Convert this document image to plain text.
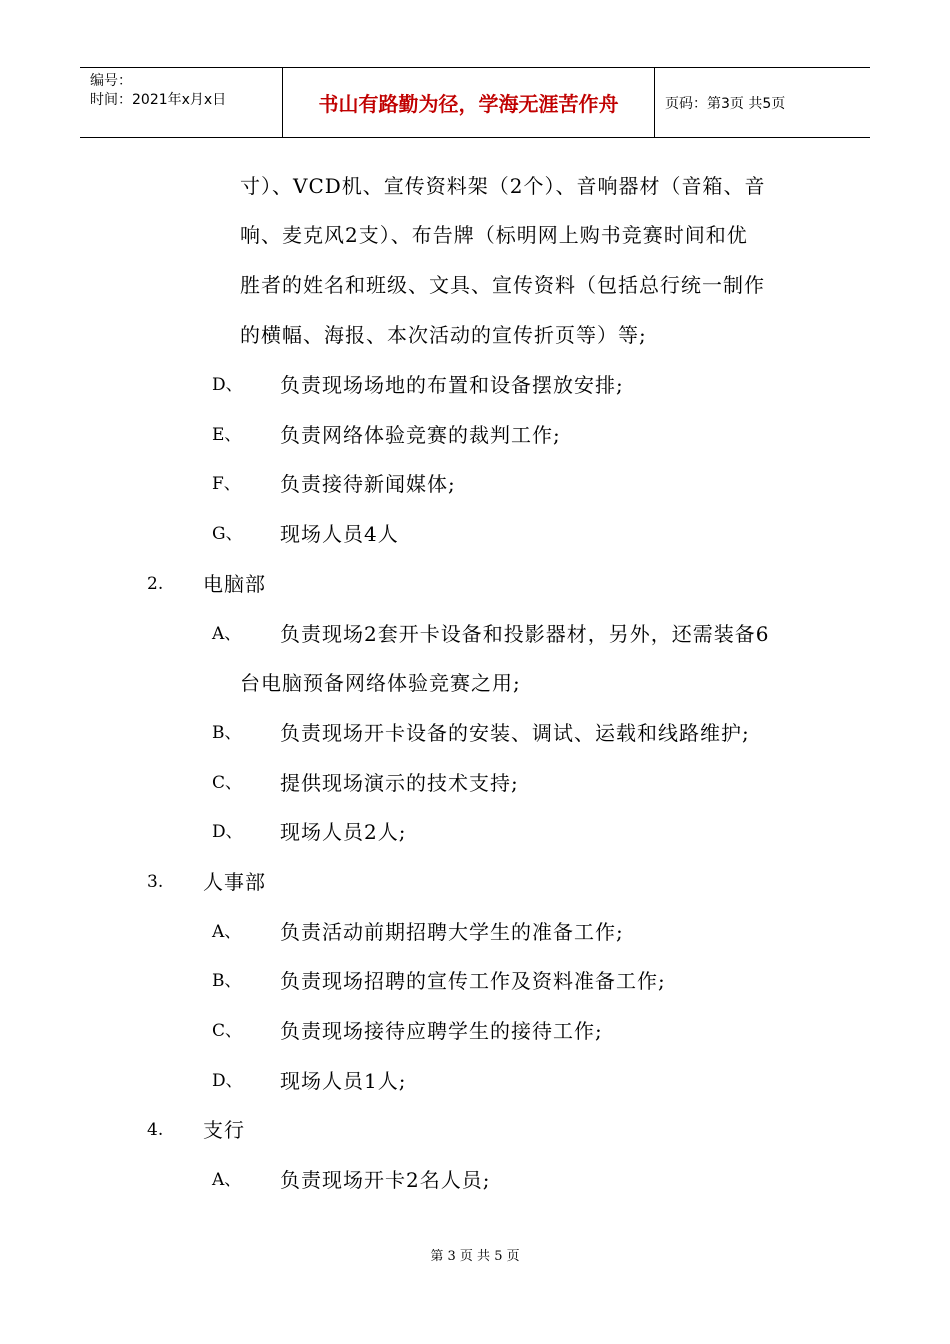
编号：
时间：2021年x月x日	书山有路勤为径，学海无涯苦作舟	页码：第3页 共5页
寸）、VCD机、宣传资料架（2个）、音响器材（音箱、音
响、麦克风2支）、布告牌（标明网上购书竞赛时间和优
胜者的姓名和班级、文具、宣传资料（包括总行统一制作
的横幅、海报、本次活动的宣传折页等）等;
D、 负责现场场地的布置和设备摆放安排;
E、 负责网络体验竞赛的裁判工作;
F、 负责接待新闻媒体;
G、 现场人员4人
2. 电脑部
A、 负责现场2套开卡设备和投影器材，另外，还需装备6
台电脑预备网络体验竞赛之用;
B、 负责现场开卡设备的安装、调试、运载和线路维护;
C、 提供现场演示的技术支持;
D、 现场人员2人;
3. 人事部
A、 负责活动前期招聘大学生的准备工作;
B、 负责现场招聘的宣传工作及资料准备工作;
C、 负责现场接待应聘学生的接待工作;
D、 现场人员1人;
4. 支行
A、 负责现场开卡2名人员;
第 3 页 共 5 页
